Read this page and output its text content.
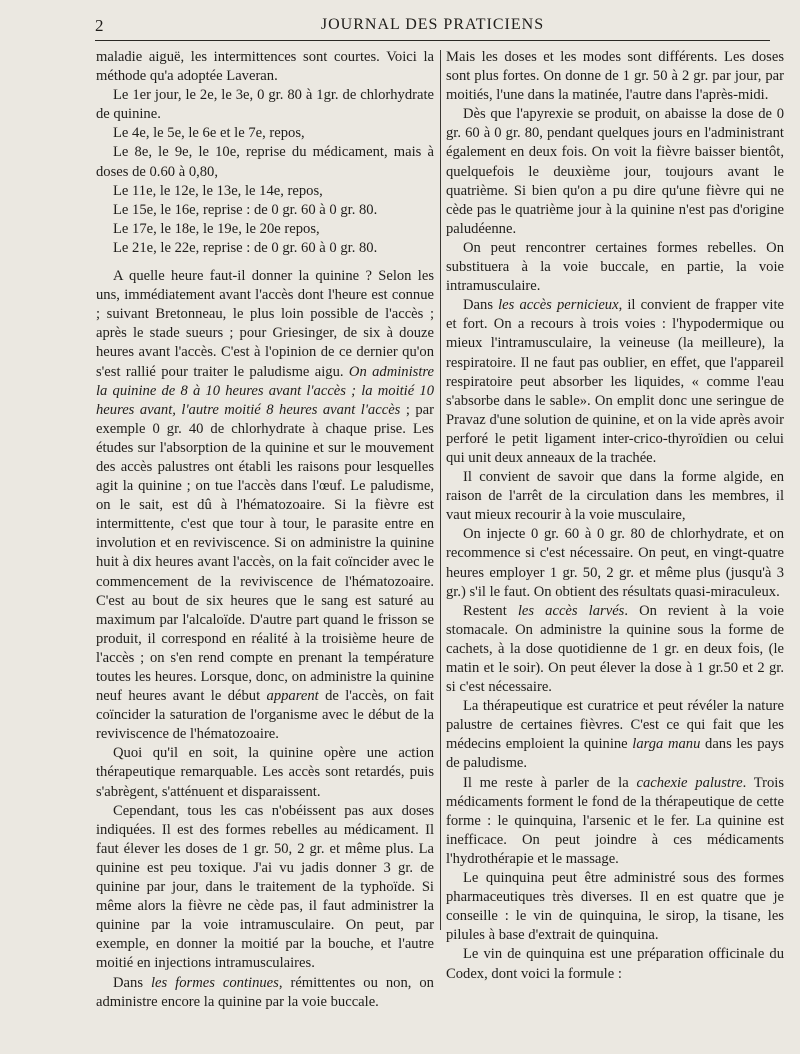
2	JOURNAL DES PRATICIENS

maladie aiguë, les intermittences sont courtes. Voici la méthode qu'a adoptée Laveran.

Le 1er jour, le 2e, le 3e, 0 gr. 80 à 1gr. de chlorhydrate de quinine.

Le 4e, le 5e, le 6e et le 7e, repos,

Le 8e, le 9e, le 10e, reprise du médicament, mais à doses de 0.60 à 0,80,

Le 11e, le 12e, le 13e, le 14e, repos,

Le 15e, le 16e, reprise : de 0 gr. 60 à 0 gr. 80.

Le 17e, le 18e, le 19e, le 20e repos,

Le 21e, le 22e, reprise : de 0 gr. 60 à 0 gr. 80.

A quelle heure faut-il donner la quinine ? Selon les uns, immédiatement avant l'accès dont l'heure est connue ; suivant Bretonneau, le plus loin possible de l'accès ; après le stade sueurs ; pour Griesinger, de six à douze heures avant l'accès. C'est à l'opinion de ce dernier qu'on s'est rallié pour traiter le paludisme aigu. On administre la quinine de 8 à 10 heures avant l'accès ; la moitié 10 heures avant, l'autre moitié 8 heures avant l'accès ; par exemple 0 gr. 40 de chlorhydrate à chaque prise. Les études sur l'absorption de la quinine et sur le mouvement des accès palustres ont établi les raisons pour lesquelles agit la quinine ; on tue l'accès dans l'œuf. Le paludisme, on le sait, est dû à l'hématozoaire. Si la fièvre est intermittente, c'est que tour à tour, le parasite entre en involution et en reviviscence. Si on administre la quinine huit à dix heures avant l'accès, on la fait coïncider avec le commencement de la reviviscence de l'hématozoaire. C'est au bout de six heures que le sang est saturé au maximum par l'alcaloïde. D'autre part quand le frisson se produit, il correspond en réalité à la troisième heure de l'accès ; on s'en rend compte en prenant la température toutes les heures. Lorsque, donc, on administre la quinine neuf heures avant le début apparent de l'accès, on fait coïncider la saturation de l'organisme avec le début de la reviviscence de l'hématozoaire.

Quoi qu'il en soit, la quinine opère une action thérapeutique remarquable. Les accès sont retardés, puis s'abrègent, s'atténuent et disparaissent.

Cependant, tous les cas n'obéissent pas aux doses indiquées. Il est des formes rebelles au médicament. Il faut élever les doses de 1 gr. 50, 2 gr. et même plus. La quinine est peu toxique. J'ai vu jadis donner 3 gr. de quinine par jour, dans le traitement de la typhoïde. Si même alors la fièvre ne cède pas, il faut administrer la quinine par la voie intramusculaire. On peut, par exemple, en donner la moitié par la bouche, et l'autre moitié en injections intramusculaires.

Dans les formes continues, rémittentes ou non, on administre encore la quinine par la voie buccale.

Mais les doses et les modes sont différents. Les doses sont plus fortes. On donne de 1 gr. 50 à 2 gr. par jour, par moitiés, l'une dans la matinée, l'autre dans l'après-midi.

Dès que l'apyrexie se produit, on abaisse la dose de 0 gr. 60 à 0 gr. 80, pendant quelques jours en l'administrant également en deux fois. On voit la fièvre baisser bientôt, quelquefois le deuxième jour, toujours avant le quatrième. Si bien qu'on a pu dire qu'une fièvre qui ne cède pas le quatrième jour à la quinine n'est pas d'origine paludéenne.

On peut rencontrer certaines formes rebelles. On substituera à la voie buccale, en partie, la voie intramusculaire.

Dans les accès pernicieux, il convient de frapper vite et fort. On a recours à trois voies : l'hypodermique ou mieux l'intramusculaire, la veineuse (la meilleure), la respiratoire. Il ne faut pas oublier, en effet, que l'appareil respiratoire peut absorber les liquides, « comme l'eau s'absorbe dans le sable». On emplit donc une seringue de Pravaz d'une solution de quinine, et on la vide après avoir perforé le petit ligament inter-crico-thyroïdien ou celui qui unit deux anneaux de la trachée.

Il convient de savoir que dans la forme algide, en raison de l'arrêt de la circulation dans les membres, il vaut mieux recourir à la voie musculaire,

On injecte 0 gr. 60 à 0 gr. 80 de chlorhydrate, et on recommence si c'est nécessaire. On peut, en vingt-quatre heures employer 1 gr. 50, 2 gr. et même plus (jusqu'à 3 gr.) s'il le faut. On obtient des résultats quasi-miraculeux.

Restent les accès larvés. On revient à la voie stomacale. On administre la quinine sous la forme de cachets, à la dose quotidienne de 1 gr. en deux fois, (le matin et le soir). On peut élever la dose à 1 gr.50 et 2 gr. si c'est nécessaire.

La thérapeutique est curatrice et peut révéler la nature palustre de certaines fièvres. C'est ce qui fait que les médecins emploient la quinine larga manu dans les pays de paludisme.

Il me reste à parler de la cachexie palustre. Trois médicaments forment le fond de la thérapeutique de cette forme : le quinquina, l'arsenic et le fer. La quinine est inefficace. On peut joindre à ces médicaments l'hydrothérapie et le massage.

Le quinquina peut être administré sous des formes pharmaceutiques très diverses. Il en est quatre que je conseille : le vin de quinquina, le sirop, la tisane, les pilules à base d'extrait de quinquina.

Le vin de quinquina est une préparation officinale du Codex, dont voici la formule :
